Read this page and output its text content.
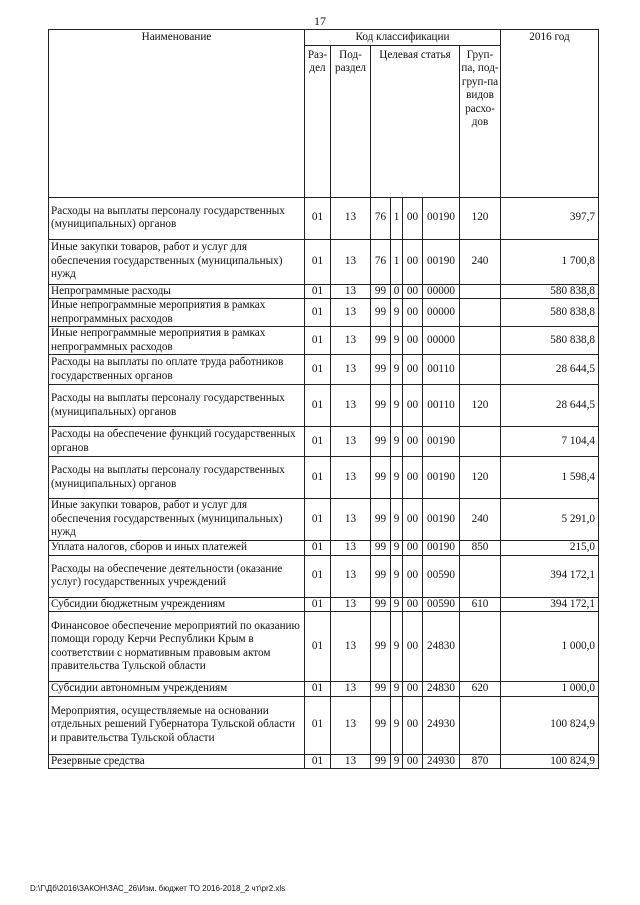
17
Наименование	Код классификации							2016 год
	Раз-дел	Под-раздел	Целевая статья				Груп-па, под-груп-па видов расхо-дов	
Расходы на выплаты персоналу государственных (муниципальных) органов	01	13	76	1	00	00190	120	397,7
Иные закупки товаров, работ и услуг для обеспечения государственных (муниципальных) нужд	01	13	76	1	00	00190	240	1 700,8
Непрограммные расходы	01	13	99	0	00	00000		580 838,8
Иные непрограммные мероприятия в рамках непрограммных расходов	01	13	99	9	00	00000		580 838,8
Иные непрограммные мероприятия в рамках непрограммных расходов	01	13	99	9	00	00000		580 838,8
Расходы на выплаты по оплате труда работников государственных органов	01	13	99	9	00	00110		28 644,5
Расходы на выплаты персоналу государственных (муниципальных) органов	01	13	99	9	00	00110	120	28 644,5
Расходы на обеспечение функций государственных органов	01	13	99	9	00	00190		7 104,4
Расходы на выплаты персоналу государственных (муниципальных) органов	01	13	99	9	00	00190	120	1 598,4
Иные закупки товаров, работ и услуг для обеспечения государственных (муниципальных) нужд	01	13	99	9	00	00190	240	5 291,0
Уплата налогов, сборов и иных платежей	01	13	99	9	00	00190	850	215,0
Расходы на обеспечение деятельности (оказание услуг) государственных учреждений	01	13	99	9	00	00590		394 172,1
Субсидии бюджетным учреждениям	01	13	99	9	00	00590	610	394 172,1
Финансовое обеспечение мероприятий по оказанию помощи городу Керчи Республики Крым в соответствии с нормативным правовым актом правительства Тульской области	01	13	99	9	00	24830		1 000,0
Субсидии автономным учреждениям	01	13	99	9	00	24830	620	1 000,0
Мероприятия, осуществляемые на основании отдельных решений Губернатора Тульской области и правительства Тульской области	01	13	99	9	00	24930		100 824,9
Резервные средства	01	13	99	9	00	24930	870	100 824,9
D:\Г\Дб\2016\ЗАКОН\ЗАС_26\Изм. бюджет ТО 2016-2018_2 чт\pr2.xls
